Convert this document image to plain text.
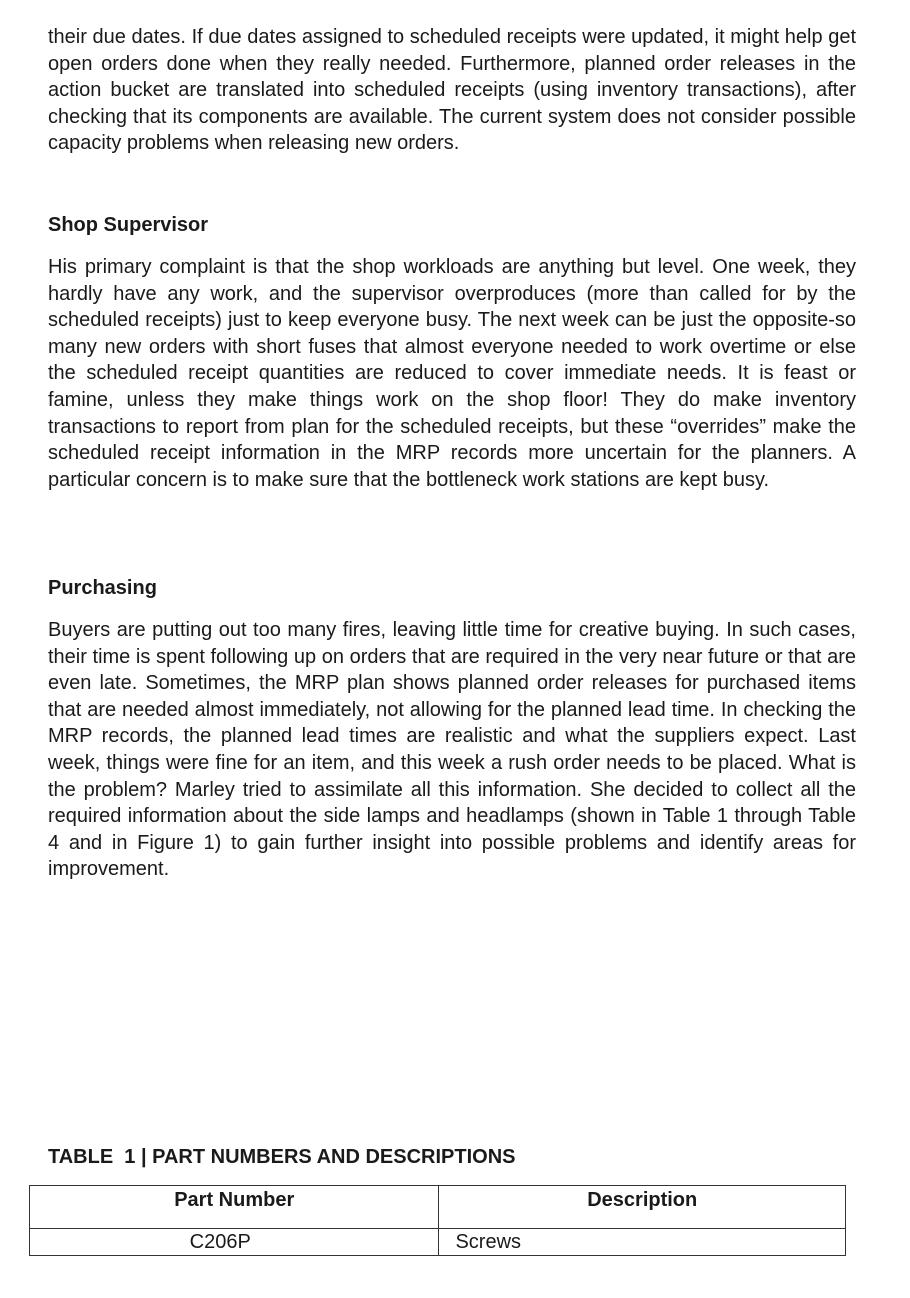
their due dates. If due dates assigned to scheduled receipts were updated, it might help get open orders done when they really needed. Furthermore, planned order releases in the action bucket are translated into scheduled receipts (using inventory transactions), after checking that its components are available. The current system does not consider possible capacity problems when releasing new orders.

Shop Supervisor

His primary complaint is that the shop workloads are anything but level. One week, they hardly have any work, and the supervisor overproduces (more than called for by the scheduled receipts) just to keep everyone busy. The next week can be just the opposite-so many new orders with short fuses that almost everyone needed to work overtime or else the scheduled receipt quantities are reduced to cover immediate needs. It is feast or famine, unless they make things work on the shop floor! They do make inventory transactions to report from plan for the scheduled receipts, but these “overrides” make the scheduled receipt information in the MRP records more uncertain for the planners. A particular concern is to make sure that the bottleneck work stations are kept busy.

Purchasing

Buyers are putting out too many fires, leaving little time for creative buying. In such cases, their time is spent following up on orders that are required in the very near future or that are even late. Sometimes, the MRP plan shows planned order releases for purchased items that are needed almost immediately, not allowing for the planned lead time. In checking the MRP records, the planned lead times are realistic and what the suppliers expect. Last week, things were fine for an item, and this week a rush order needs to be placed. What is the problem? Marley tried to assimilate all this information. She decided to collect all the required information about the side lamps and headlamps (shown in Table 1 through Table 4 and in Figure 1) to gain further insight into possible problems and identify areas for improvement.

TABLE  1 | PART NUMBERS AND DESCRIPTIONS
Part Number	Description
C206P	Screws
